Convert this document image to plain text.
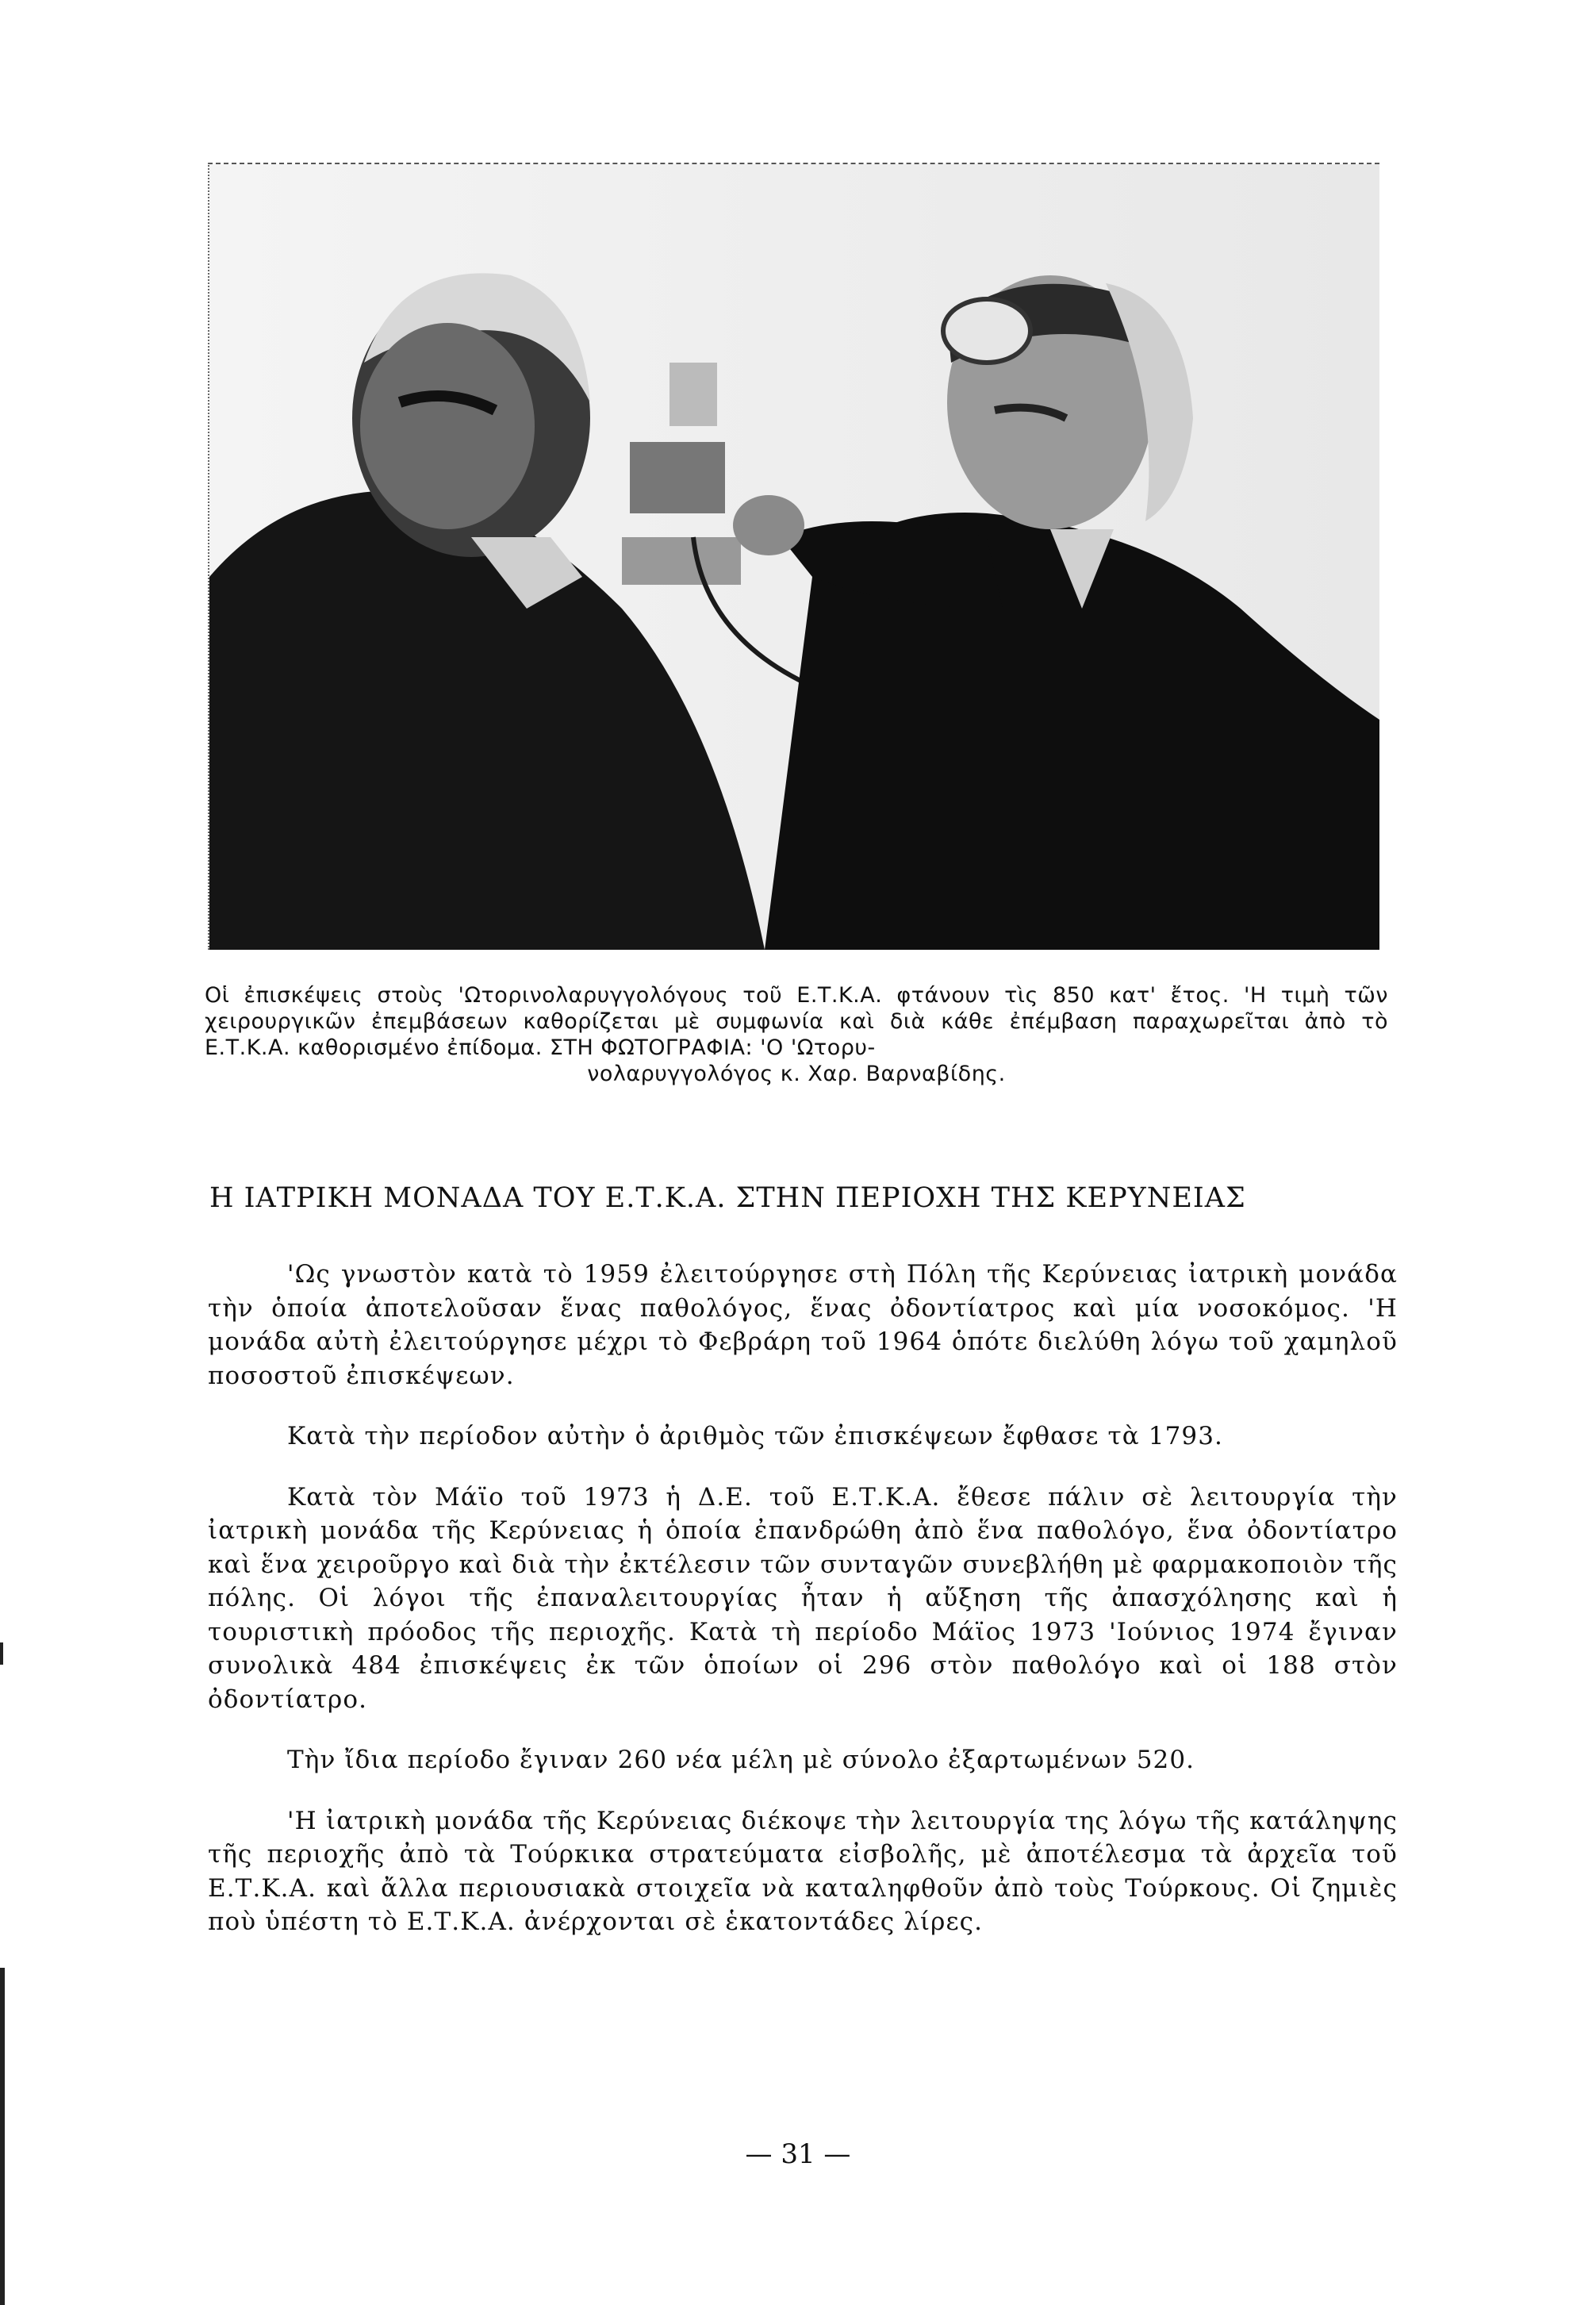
Οἱ ἐπισκέψεις στοὺς 'Ωτορινολαρυγγολόγους τοῦ Ε.Τ.Κ.Α. φτάνουν τὶς 850 κατ' ἔτος. 'Η τιμὴ τῶν χειρουργικῶν ἐπεμβάσεων καθορίζεται μὲ συμφωνία καὶ διὰ κάθε ἐπέμβαση παραχωρεῖται ἀπὸ τὸ Ε.Τ.Κ.Α. καθορισμένο ἐπίδομα. ΣΤΗ ΦΩΤΟΓΡΑΦΙΑ: 'Ο 'Ωτορυ-
νολαρυγγολόγος κ. Χαρ. Βαρναβίδης.
Η ΙΑΤΡΙΚΗ ΜΟΝΑΔΑ ΤΟΥ Ε.Τ.Κ.Α. ΣΤΗΝ ΠΕΡΙΟΧΗ ΤΗΣ ΚΕΡΥΝΕΙΑΣ

'Ως γνωστὸν κατὰ τὸ 1959 ἐλειτούργησε στὴ Πόλη τῆς Κερύνειας ἰατρικὴ μονάδα τὴν ὁποία ἀποτελοῦσαν ἕνας παθολόγος, ἕνας ὀδοντίατρος καὶ μία νοσοκόμος. 'Η μονάδα αὐτὴ ἐλειτούργησε μέχρι τὸ Φεβράρη τοῦ 1964 ὁπότε διελύθη λόγω τοῦ χαμηλοῦ ποσοστοῦ ἐπισκέψεων.

Κατὰ τὴν περίοδον αὐτὴν ὁ ἀριθμὸς τῶν ἐπισκέψεων ἔφθασε τὰ 1793.

Κατὰ τὸν Μάϊο τοῦ 1973 ἡ Δ.Ε. τοῦ Ε.Τ.Κ.Α. ἔθεσε πάλιν σὲ λειτουργία τὴν ἰατρικὴ μονάδα τῆς Κερύνειας ἡ ὁποία ἐπανδρώθη ἀπὸ ἕνα παθολόγο, ἕνα ὀδοντίατρο καὶ ἕνα χειροῦργο καὶ διὰ τὴν ἐκτέλεσιν τῶν συνταγῶν συνεβλήθη μὲ φαρμακοποιὸν τῆς πόλης. Οἱ λόγοι τῆς ἐπαναλειτουργίας ἦταν ἡ αὔξηση τῆς ἀπασχόλησης καὶ ἡ τουριστικὴ πρόοδος τῆς περιοχῆς. Κατὰ τὴ περίοδο Μάϊος 1973 'Ιούνιος 1974 ἔγιναν συνολικὰ 484 ἐπισκέψεις ἐκ τῶν ὁποίων οἱ 296 στὸν παθολόγο καὶ οἱ 188 στὸν ὀδοντίατρο.

Τὴν ἴδια περίοδο ἔγιναν 260 νέα μέλη μὲ σύνολο ἐξαρτωμένων 520.

'Η ἰατρικὴ μονάδα τῆς Κερύνειας διέκοψε τὴν λειτουργία της λόγω τῆς κατάληψης τῆς περιοχῆς ἀπὸ τὰ Τούρκικα στρατεύματα εἰσβολῆς, μὲ ἀποτέλεσμα τὰ ἀρχεῖα τοῦ Ε.Τ.Κ.Α. καὶ ἄλλα περιουσιακὰ στοιχεῖα νὰ καταληφθοῦν ἀπὸ τοὺς Τούρκους. Οἱ ζημιὲς ποὺ ὑπέστη τὸ Ε.Τ.Κ.Α. ἀνέρχονται σὲ ἑκατοντάδες λίρες.

— 31 —
